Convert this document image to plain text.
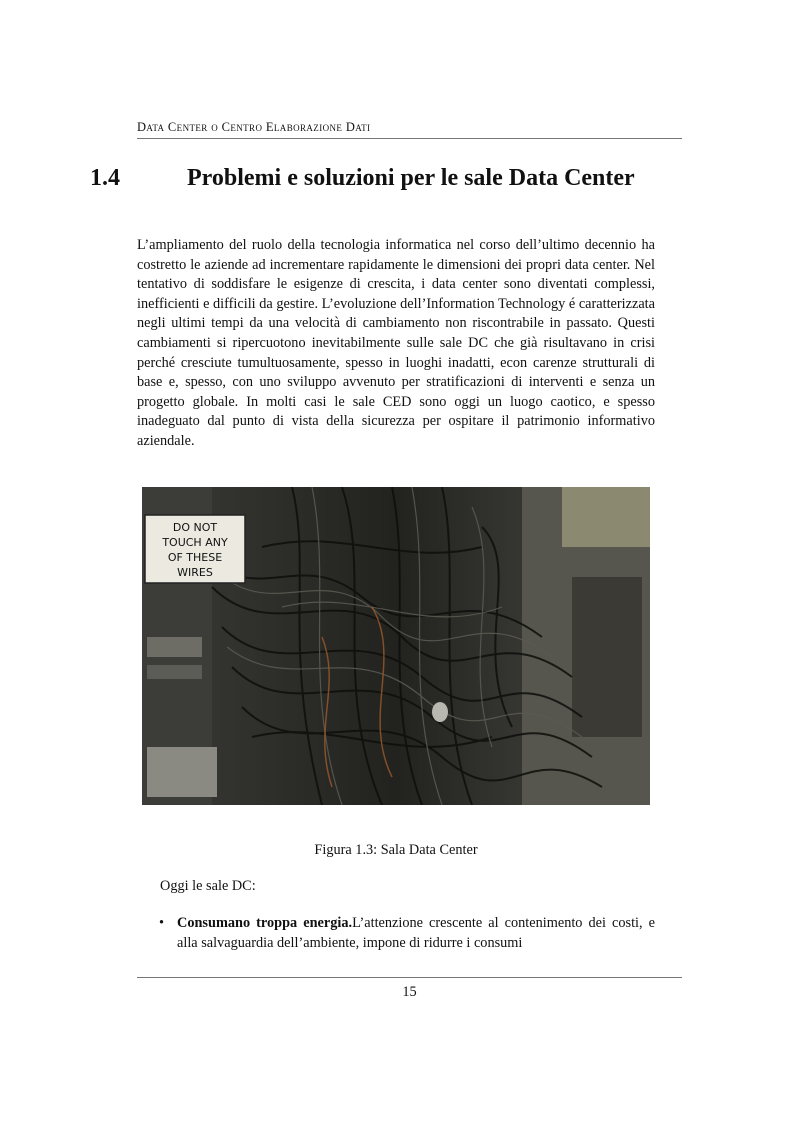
Data Center o Centro Elaborazione Dati
1.4	Problemi e soluzioni per le sale Data Center
L’ampliamento del ruolo della tecnologia informatica nel corso dell’ultimo decennio ha costretto le aziende ad incrementare rapidamente le dimensioni dei propri data center. Nel tentativo di soddisfare le esigenze di crescita, i data center sono diventati complessi, inefficienti e difficili da gestire. L’evoluzione dell’Information Technology é caratterizzata negli ultimi tempi da una velocità di cambiamento non riscontrabile in passato. Questi cambiamenti si ripercuotono inevitabilmente sulle sale DC che già risultavano in crisi perché cresciute tumultuosamente, spesso in luoghi inadatti, econ carenze strutturali di base e, spesso, con uno sviluppo avvenuto per stratificazioni di interventi e senza un progetto globale. In molti casi le sale CED sono oggi un luogo caotico, e spesso inadeguato dal punto di vista della sicurezza per ospitare il patrimonio informativo aziendale.
DO NOT
TOUCH ANY
OF THESE
WIRES
Figura 1.3: Sala Data Center
Oggi le sale DC:
• Consumano troppa energia.L’attenzione crescente al contenimento dei costi, e alla salvaguardia dell’ambiente, impone di ridurre i consumi
15
